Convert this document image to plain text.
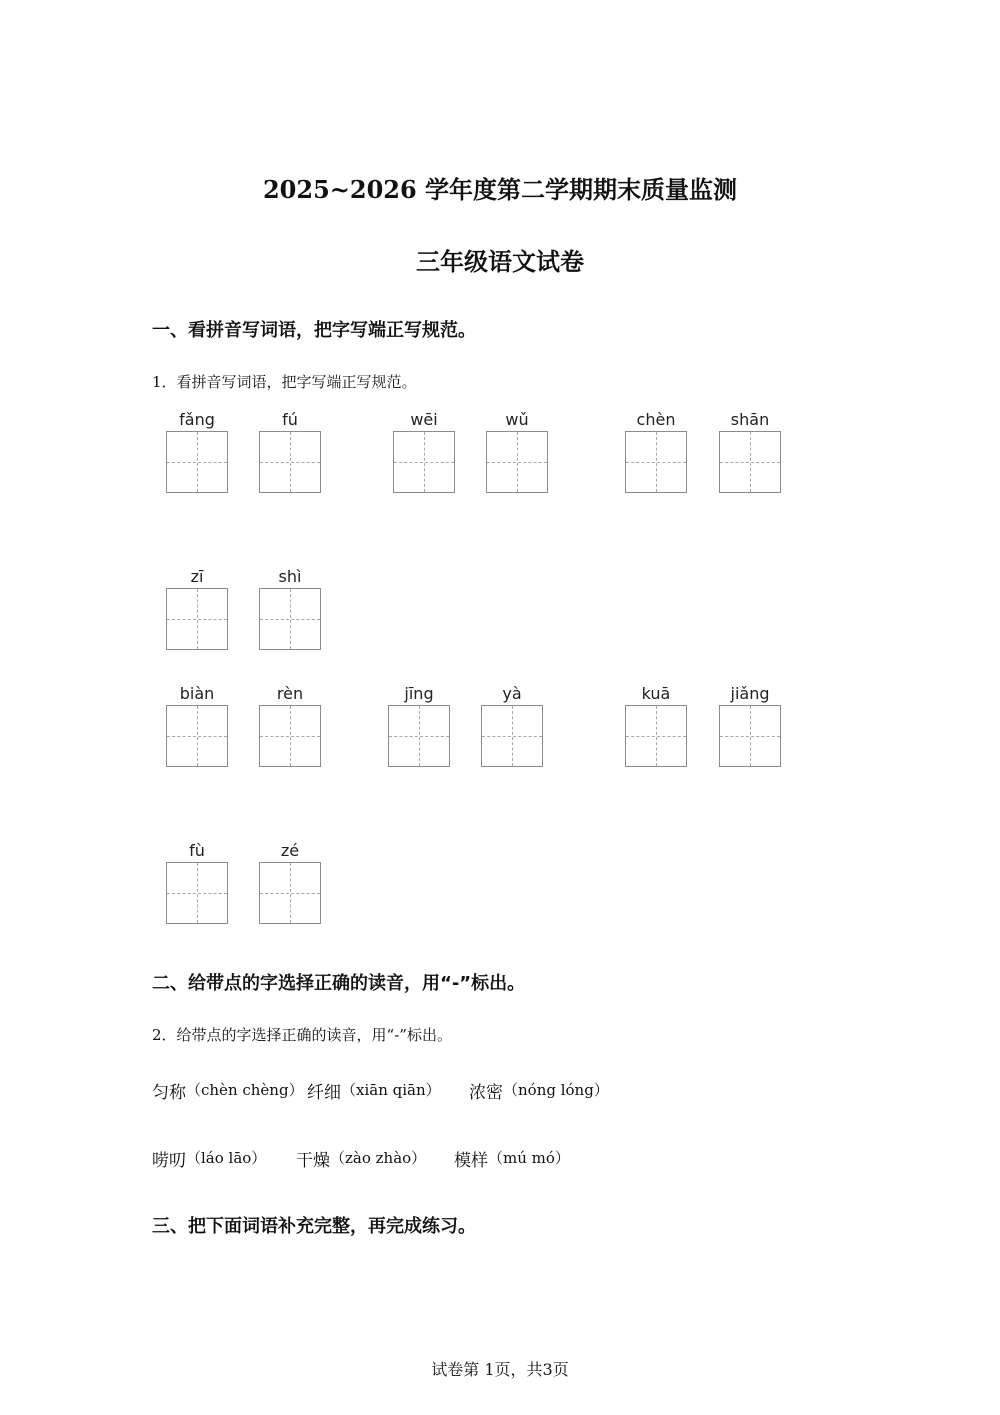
2025~2026 学年度第二学期期末质量监测
三年级语文试卷
一、看拼音写词语，把字写端正写规范。
1．看拼音写词语，把字写端正写规范。
fǎng	fú	wēi	wǔ	chèn	shān
zī	shì
biàn	rèn	jīng	yà	kuā	jiǎng
fù	zé
二、给带点的字选择正确的读音，用“-”标出。
2．给带点的字选择正确的读音，用“-”标出。
匀称（chèn chèng） 纤细（xiān qiān） 浓密（nóng lóng）
唠叨（láo lāo） 干燥（zào zhào） 模样（mú mó）
三、把下面词语补充完整，再完成练习。
试卷第 1页，共3页
